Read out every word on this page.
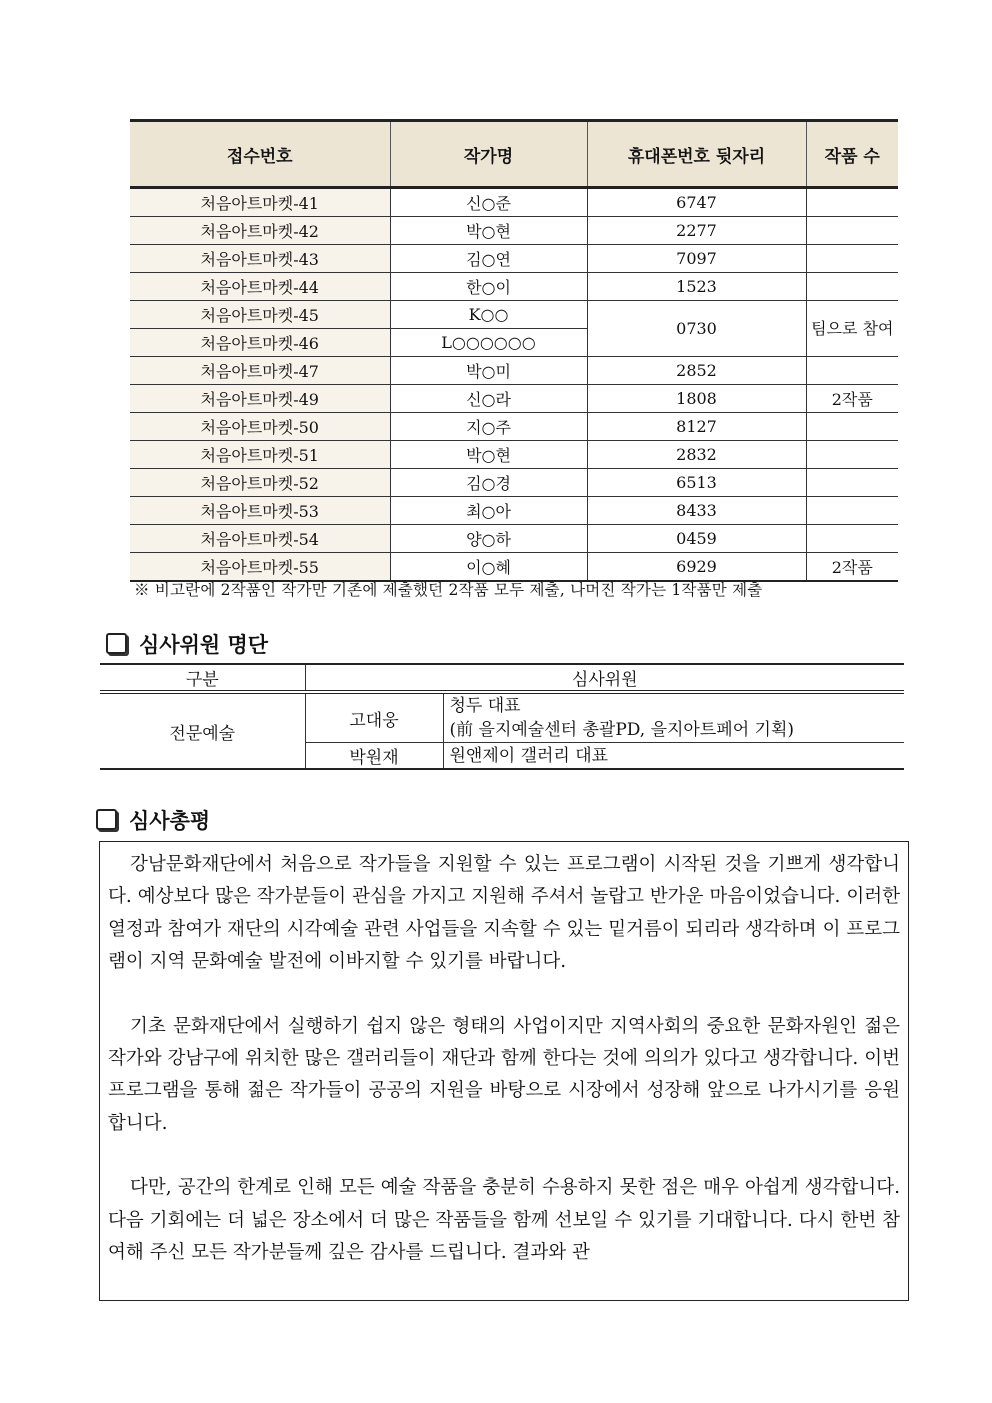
접수번호	작가명	휴대폰번호 뒷자리	작품 수
처음아트마켓-41	신○준	6747	
처음아트마켓-42	박○현	2277	
처음아트마켓-43	김○연	7097	
처음아트마켓-44	한○이	1523	
처음아트마켓-45	K○○	0730	팀으로 참여
처음아트마켓-46	L○○○○○○		
처음아트마켓-47	박○미	2852	
처음아트마켓-49	신○라	1808	2작품
처음아트마켓-50	지○주	8127	
처음아트마켓-51	박○현	2832	
처음아트마켓-52	김○경	6513	
처음아트마켓-53	최○아	8433	
처음아트마켓-54	양○하	0459	
처음아트마켓-55	이○혜	6929	2작품
※ 비고란에 2작품인 작가만 기존에 제출했던 2작품 모두 제출, 나머진 작가는 1작품만 제출
심사위원 명단
구분	심사위원	
전문예술	고대웅	청두 대표
(前 을지예술센터 총괄PD, 을지아트페어 기획)

	박원재	원앤제이 갤러리 대표
심사총평

강남문화재단에서 처음으로 작가들을 지원할 수 있는 프로그램이 시작된 것을 기쁘게 생각합니다. 예상보다 많은 작가분들이 관심을 가지고 지원해 주셔서 놀랍고 반가운 마음이었습니다. 이러한 열정과 참여가 재단의 시각예술 관련 사업들을 지속할 수 있는 밑거름이 되리라 생각하며 이 프로그램이 지역 문화예술 발전에 이바지할 수 있기를 바랍니다.

기초 문화재단에서 실행하기 쉽지 않은 형태의 사업이지만 지역사회의 중요한 문화자원인 젊은 작가와 강남구에 위치한 많은 갤러리들이 재단과 함께 한다는 것에 의의가 있다고 생각합니다. 이번 프로그램을 통해 젊은 작가들이 공공의 지원을 바탕으로 시장에서 성장해 앞으로 나가시기를 응원합니다.

다만, 공간의 한계로 인해 모든 예술 작품을 충분히 수용하지 못한 점은 매우 아쉽게 생각합니다. 다음 기회에는 더 넓은 장소에서 더 많은 작품들을 함께 선보일 수 있기를 기대합니다. 다시 한번 참여해 주신 모든 작가분들께 깊은 감사를 드립니다. 결과와 관
